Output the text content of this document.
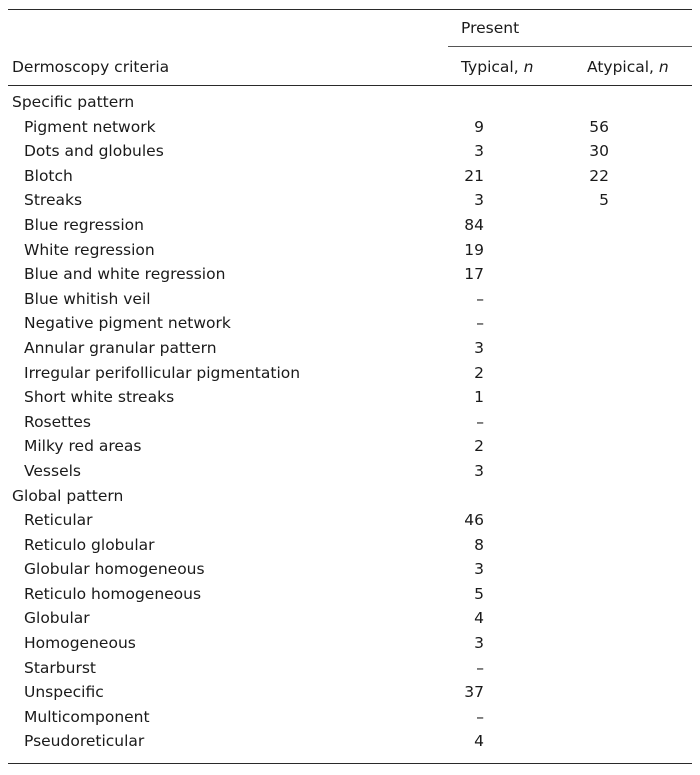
Present
Dermoscopy criteria	Typical, n	Atypical, n
Specific pattern
Pigment network	9	56
Dots and globules	3	30
Blotch	21	22
Streaks	3	5
Blue regression	84
White regression	19
Blue and white regression	17
Blue whitish veil	–
Negative pigment network	–
Annular granular pattern	3
Irregular perifollicular pigmentation	2
Short white streaks	1
Rosettes	–
Milky red areas	2
Vessels	3
Global pattern
Reticular	46
Reticulo globular	8
Globular homogeneous	3
Reticulo homogeneous	5
Globular	4
Homogeneous	3
Starburst	–
Unspecific	37
Multicomponent	–
Pseudoreticular	4
